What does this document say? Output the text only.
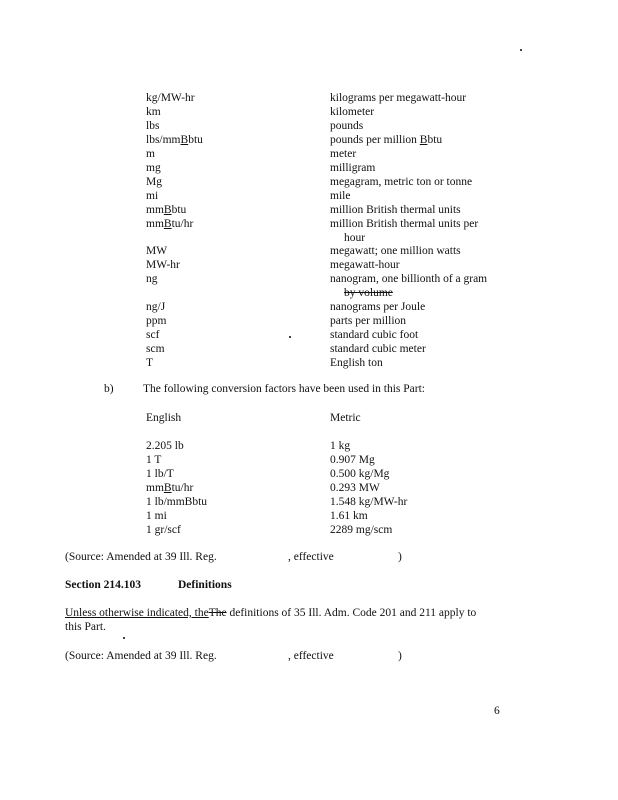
kg/MW-hr	kilograms per megawatt-hour
km	kilometer
lbs	pounds
lbs/mmBbtu	pounds per million Bbtu
m	meter
mg	milligram
Mg	megagram, metric ton or tonne
mi	mile
mmBbtu	million British thermal units
mmBtu/hr	million British thermal units per
hour
MW	megawatt; one million watts
MW-hr	megawatt-hour
ng	nanogram, one billionth of a gram
by volume
ng/J	nanograms per Joule
ppm	parts per million
scf	standard cubic foot
scm	standard cubic meter
T	English ton
b)	The following conversion factors have been used in this Part:
English	Metric
2.205 lb	1 kg
1 T	0.907 Mg
1 lb/T	0.500 kg/Mg
mmBtu/hr	0.293 MW
1 lb/mmBbtu	1.548 kg/MW-hr
1 mi	1.61 km
1 gr/scf	2289 mg/scm
(Source: Amended at 39 Ill. Reg.	, effective	)
Section 214.103	Definitions
Unless otherwise indicated, theThe definitions of 35 Ill. Adm. Code 201 and 211 apply to
this Part.
(Source: Amended at 39 Ill. Reg.	, effective	)
6
